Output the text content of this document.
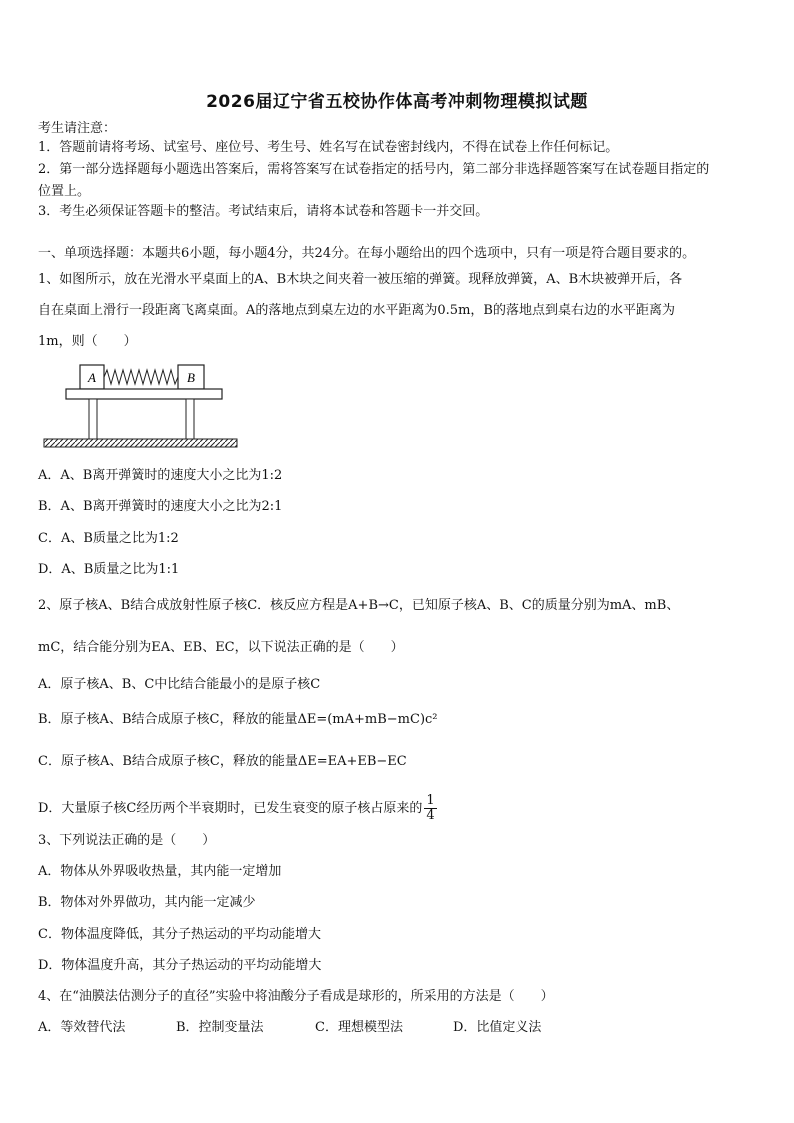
2026届辽宁省五校协作体高考冲刺物理模拟试题
考生请注意：
1．答题前请将考场、试室号、座位号、考生号、姓名写在试卷密封线内，不得在试卷上作任何标记。
2．第一部分选择题每小题选出答案后，需将答案写在试卷指定的括号内，第二部分非选择题答案写在试卷题目指定的
位置上。
3．考生必须保证答题卡的整洁。考试结束后，请将本试卷和答题卡一并交回。
一、单项选择题：本题共6小题，每小题4分，共24分。在每小题给出的四个选项中，只有一项是符合题目要求的。
1、如图所示，放在光滑水平桌面上的A、B木块之间夹着一被压缩的弹簧。现释放弹簧，A、B木块被弹开后，各
自在桌面上滑行一段距离飞离桌面。A的落地点到桌左边的水平距离为0.5m，B的落地点到桌右边的水平距离为
1m，则（　　）
A	B
A．A、B离开弹簧时的速度大小之比为1:2
B．A、B离开弹簧时的速度大小之比为2:1
C．A、B质量之比为1:2
D．A、B质量之比为1:1
2、原子核A、B结合成放射性原子核C．核反应方程是A+B→C，已知原子核A、B、C的质量分别为mA、mB、
mC，结合能分别为EA、EB、EC，以下说法正确的是（　　）
A．原子核A、B、C中比结合能最小的是原子核C
B．原子核A、B结合成原子核C，释放的能量ΔE=(mA+mB−mC)c²
C．原子核A、B结合成原子核C，释放的能量ΔE=EA+EB−EC
D．大量原子核C经历两个半衰期时，已发生衰变的原子核占原来的 $\frac{1}{4}$
3、下列说法正确的是（　　）
A．物体从外界吸收热量，其内能一定增加
B．物体对外界做功，其内能一定减少
C．物体温度降低，其分子热运动的平均动能增大
D．物体温度升高，其分子热运动的平均动能增大
4、在“油膜法估测分子的直径”实验中将油酸分子看成是球形的，所采用的方法是（　　）
A．等效替代法	B．控制变量法	C．理想模型法	D．比值定义法
